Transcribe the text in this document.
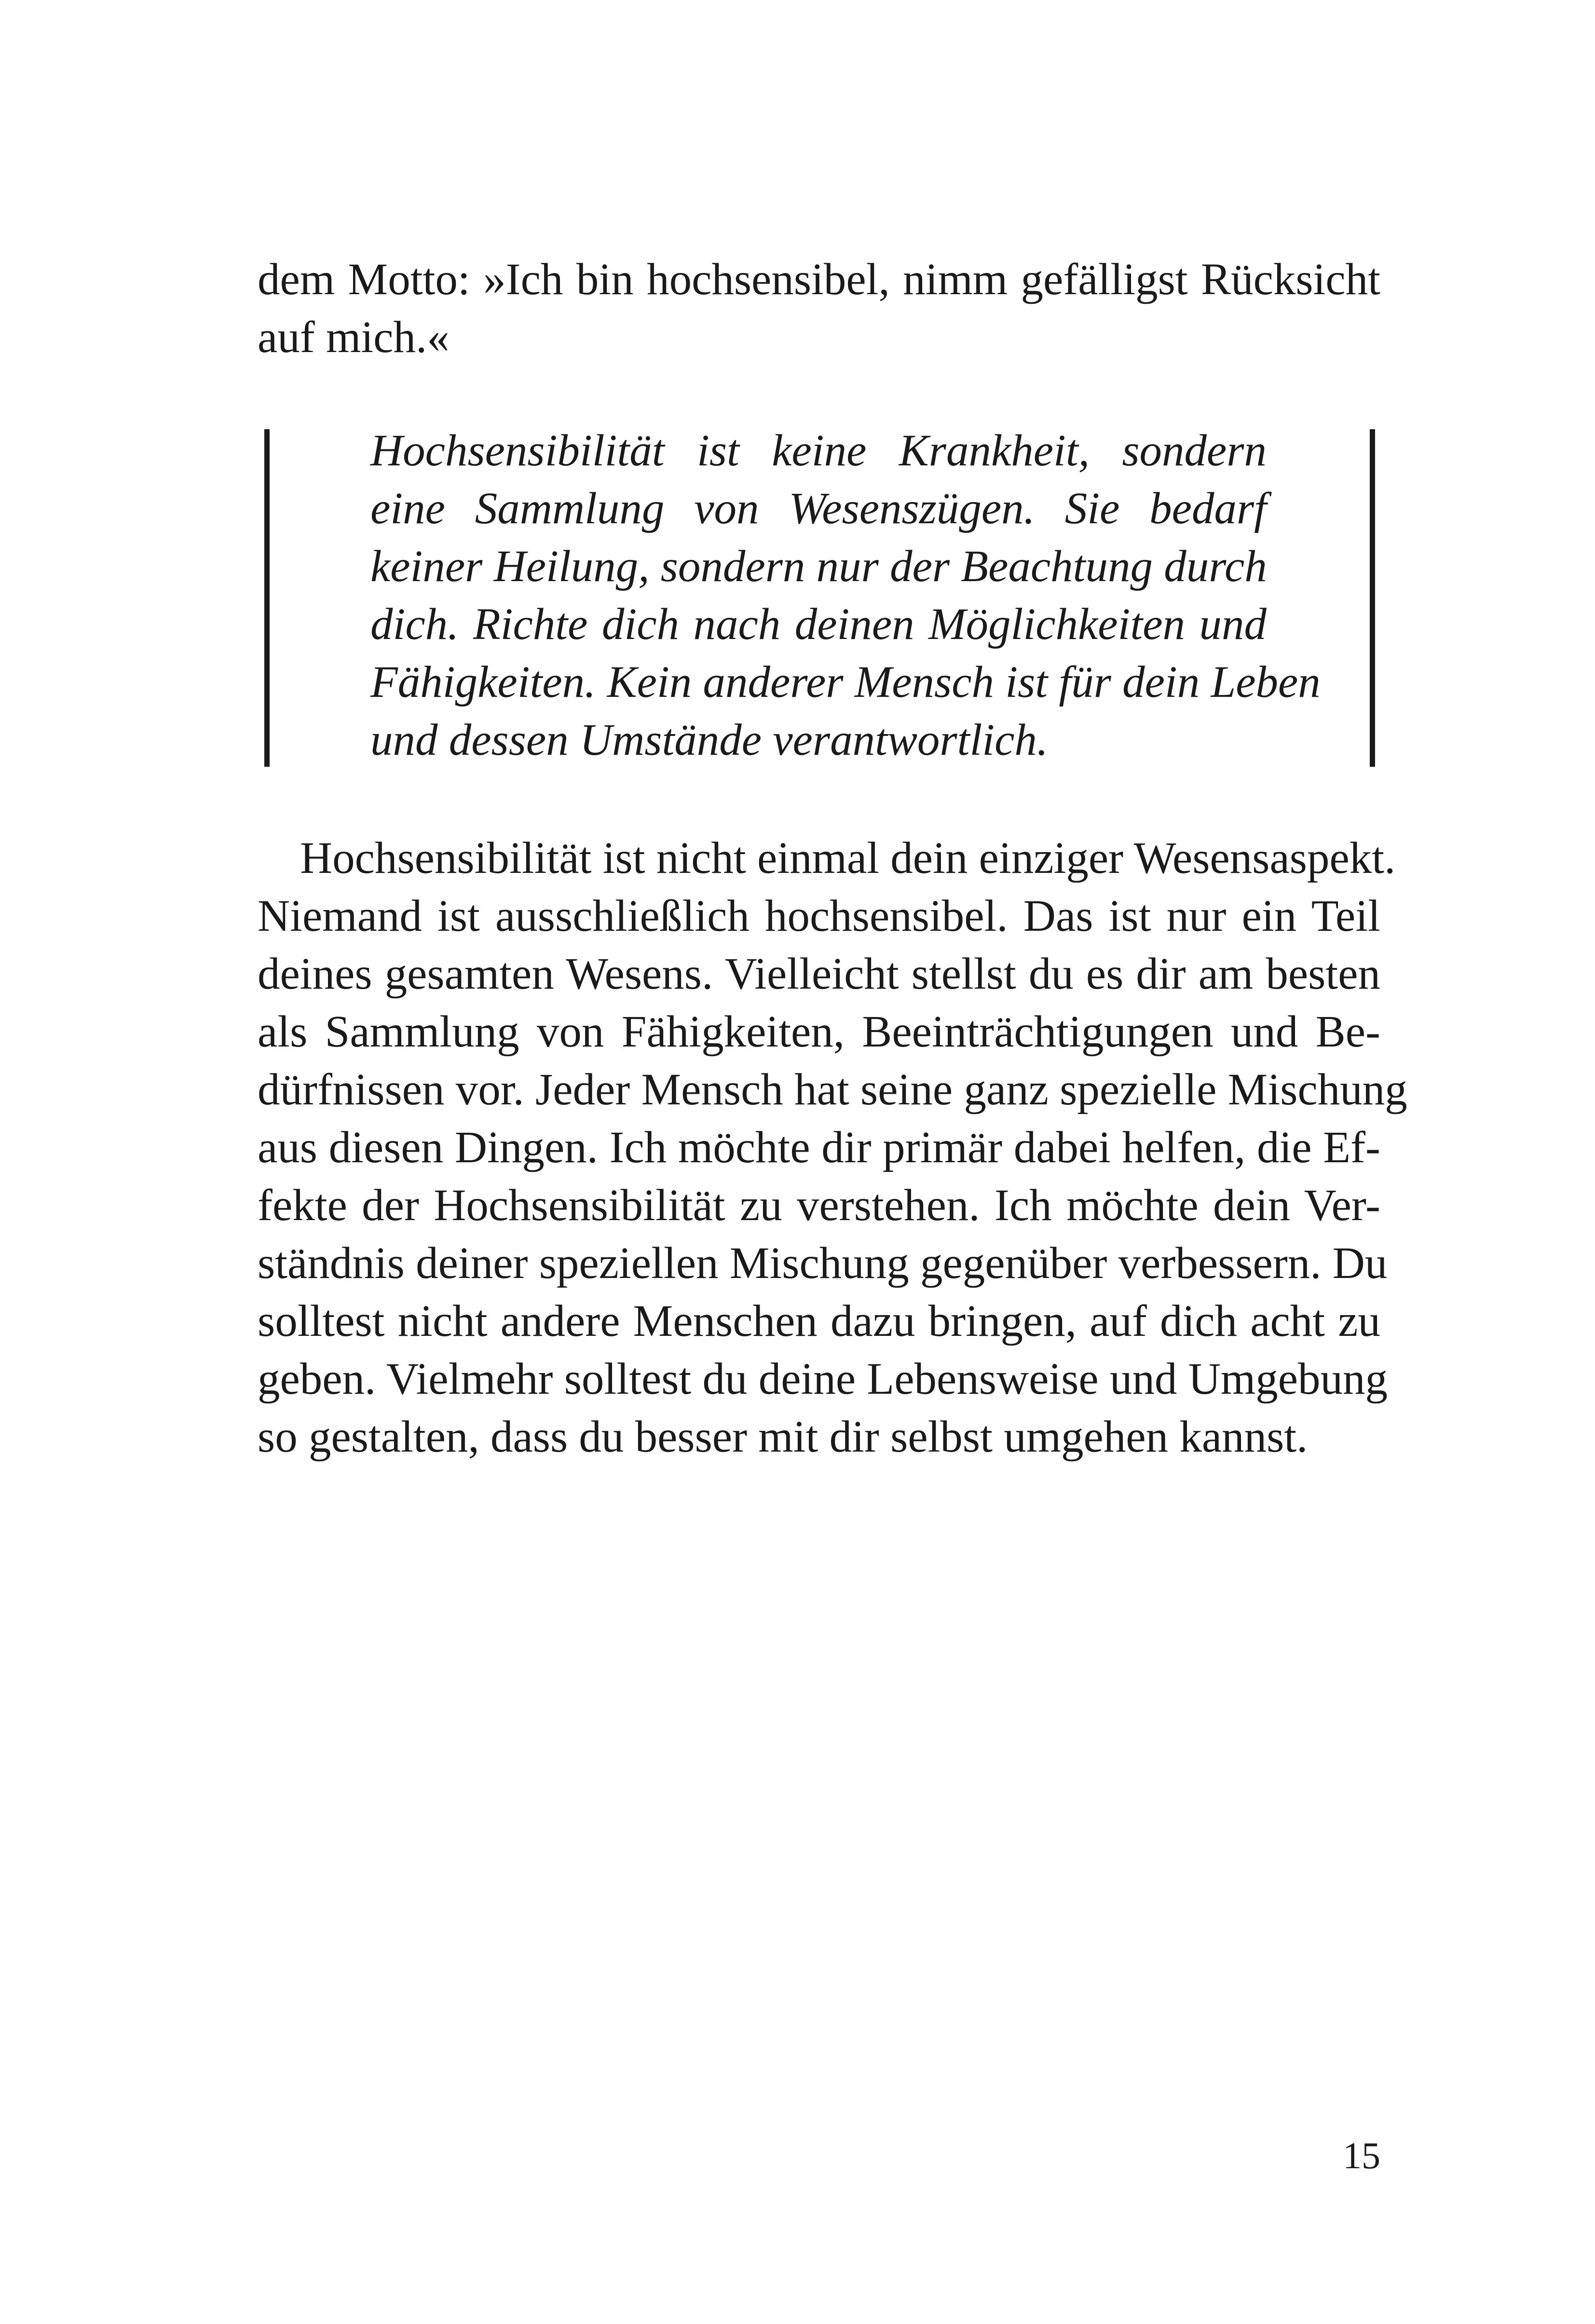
dem Motto: »Ich bin hochsensibel, nimm gefälligst Rücksicht

auf mich.«

Hochsensibilität ist keine Krankheit, sondern

eine Sammlung von Wesenszügen. Sie bedarf

keiner Heilung, sondern nur der Beachtung durch

dich. Richte dich nach deinen Möglichkeiten und

Fähigkeiten. Kein anderer Mensch ist für dein Leben

und dessen Umstände verantwortlich.

Hochsensibilität ist nicht einmal dein einziger Wesensaspekt.

Niemand ist ausschließlich hochsensibel. Das ist nur ein Teil

deines gesamten Wesens. Vielleicht stellst du es dir am besten

als Sammlung von Fähigkeiten, Beeinträchtigungen und Be-

dürfnissen vor. Jeder Mensch hat seine ganz spezielle Mischung

aus diesen Dingen. Ich möchte dir primär dabei helfen, die Ef-

fekte der Hochsensibilität zu verstehen. Ich möchte dein Ver-

ständnis deiner speziellen Mischung gegenüber verbessern. Du

solltest nicht andere Menschen dazu bringen, auf dich acht zu

geben. Vielmehr solltest du deine Lebensweise und Umgebung

so gestalten, dass du besser mit dir selbst umgehen kannst.

15
